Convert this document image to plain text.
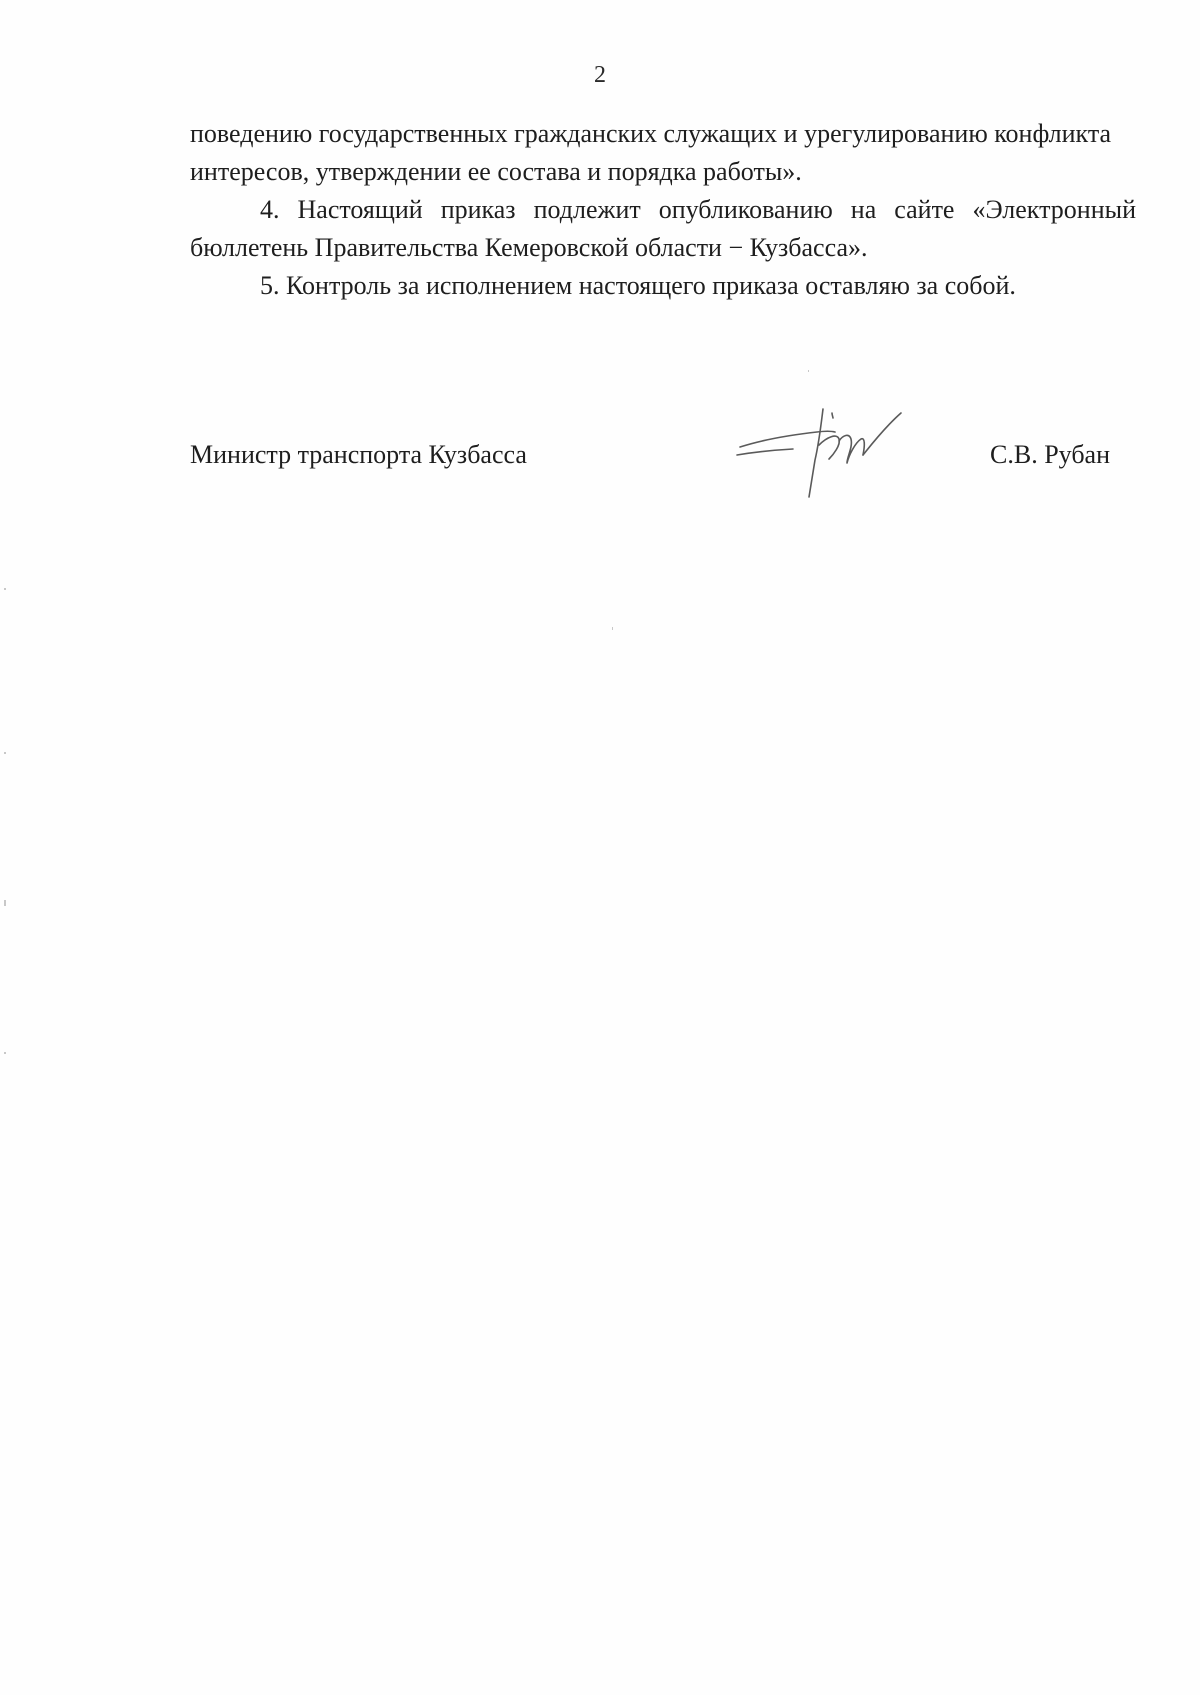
2

поведению государственных гражданских служащих и урегулированию конфликта интересов, утверждении ее состава и порядка работы».

4. Настоящий приказ подлежит опубликованию на сайте «Электронный бюллетень Правительства Кемеровской области − Кузбасса».

5. Контроль за исполнением настоящего приказа оставляю за собой.

Министр транспорта Кузбасса	С.В. Рубан
